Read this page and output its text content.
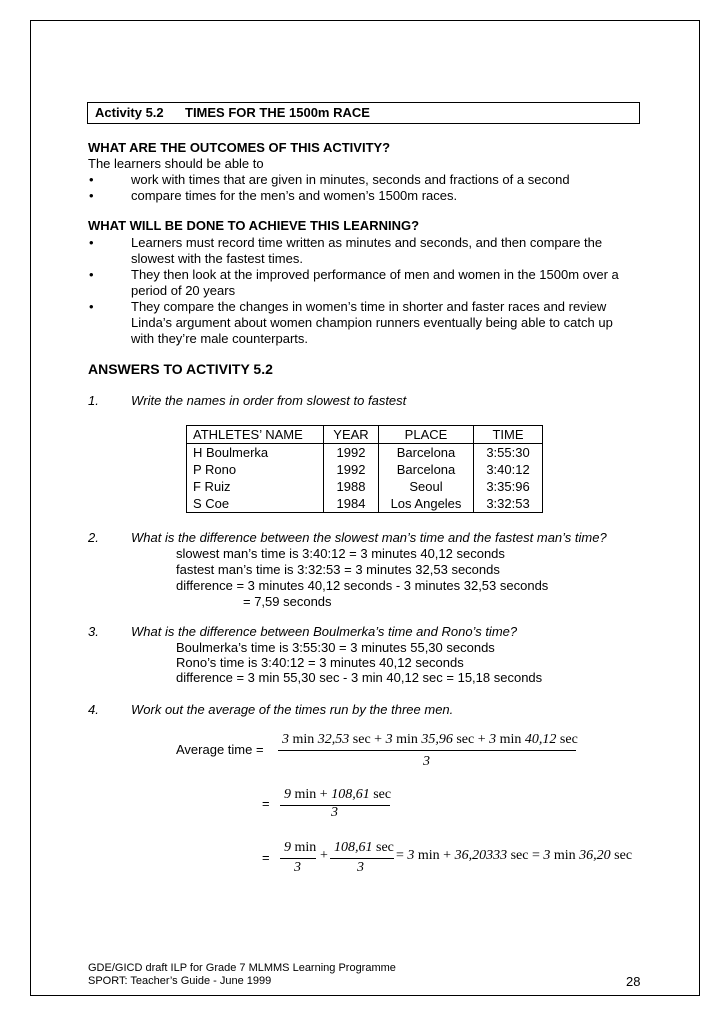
Activity 5.2 TIMES FOR THE 1500m RACE
WHAT ARE THE OUTCOMES OF THIS ACTIVITY?
The learners should be able to
•	work with times that are given in minutes, seconds and fractions of a second
•	compare times for the men’s and women’s 1500m races.
WHAT WILL BE DONE TO ACHIEVE THIS LEARNING?
•	Learners must record time written as minutes and seconds, and then compare the
slowest with the fastest times.
•	They then look at the improved performance of men and women in the 1500m over a
period of 20 years
•	They compare the changes in women’s time in shorter and faster races and review
Linda’s argument about women champion runners eventually being able to catch up
with they’re male counterparts.
ANSWERS TO ACTIVITY 5.2
1. Write the names in order from slowest to fastest
ATHLETES’ NAME	YEAR	PLACE	TIME
H Boulmerka	1992	Barcelona	3:55:30
P Rono	1992	Barcelona	3:40:12
F Ruiz	1988	Seoul	3:35:96
S Coe	1984	Los Angeles	3:32:53
2. What is the difference between the slowest man’s time and the fastest man’s time?
slowest man’s time is 3:40:12 = 3 minutes 40,12 seconds
fastest man’s time is 3:32:53 = 3 minutes 32,53 seconds
difference = 3 minutes 40,12 seconds - 3 minutes 32,53 seconds
= 7,59 seconds
3. What is the difference between Boulmerka’s time and Rono’s time?
Boulmerka’s time is 3:55:30 = 3 minutes 55,30 seconds
Rono’s time is 3:40:12 = 3 minutes 40,12 seconds
difference = 3 min 55,30 sec - 3 min 40,12 sec = 15,18 seconds
4. Work out the average of the times run by the three men.
3 min 32,53 sec + 3 min 35,96 sec + 3 min 40,12 sec
Average time =
3
=
9 min + 108,61 sec
3
=
9 min
3
+
108,61 sec
3
= 3 min + 36,20333 sec = 3 min 36,20 sec
GDE/GICD draft ILP for Grade 7 MLMMS Learning Programme
SPORT: Teacher’s Guide - June 1999	28
